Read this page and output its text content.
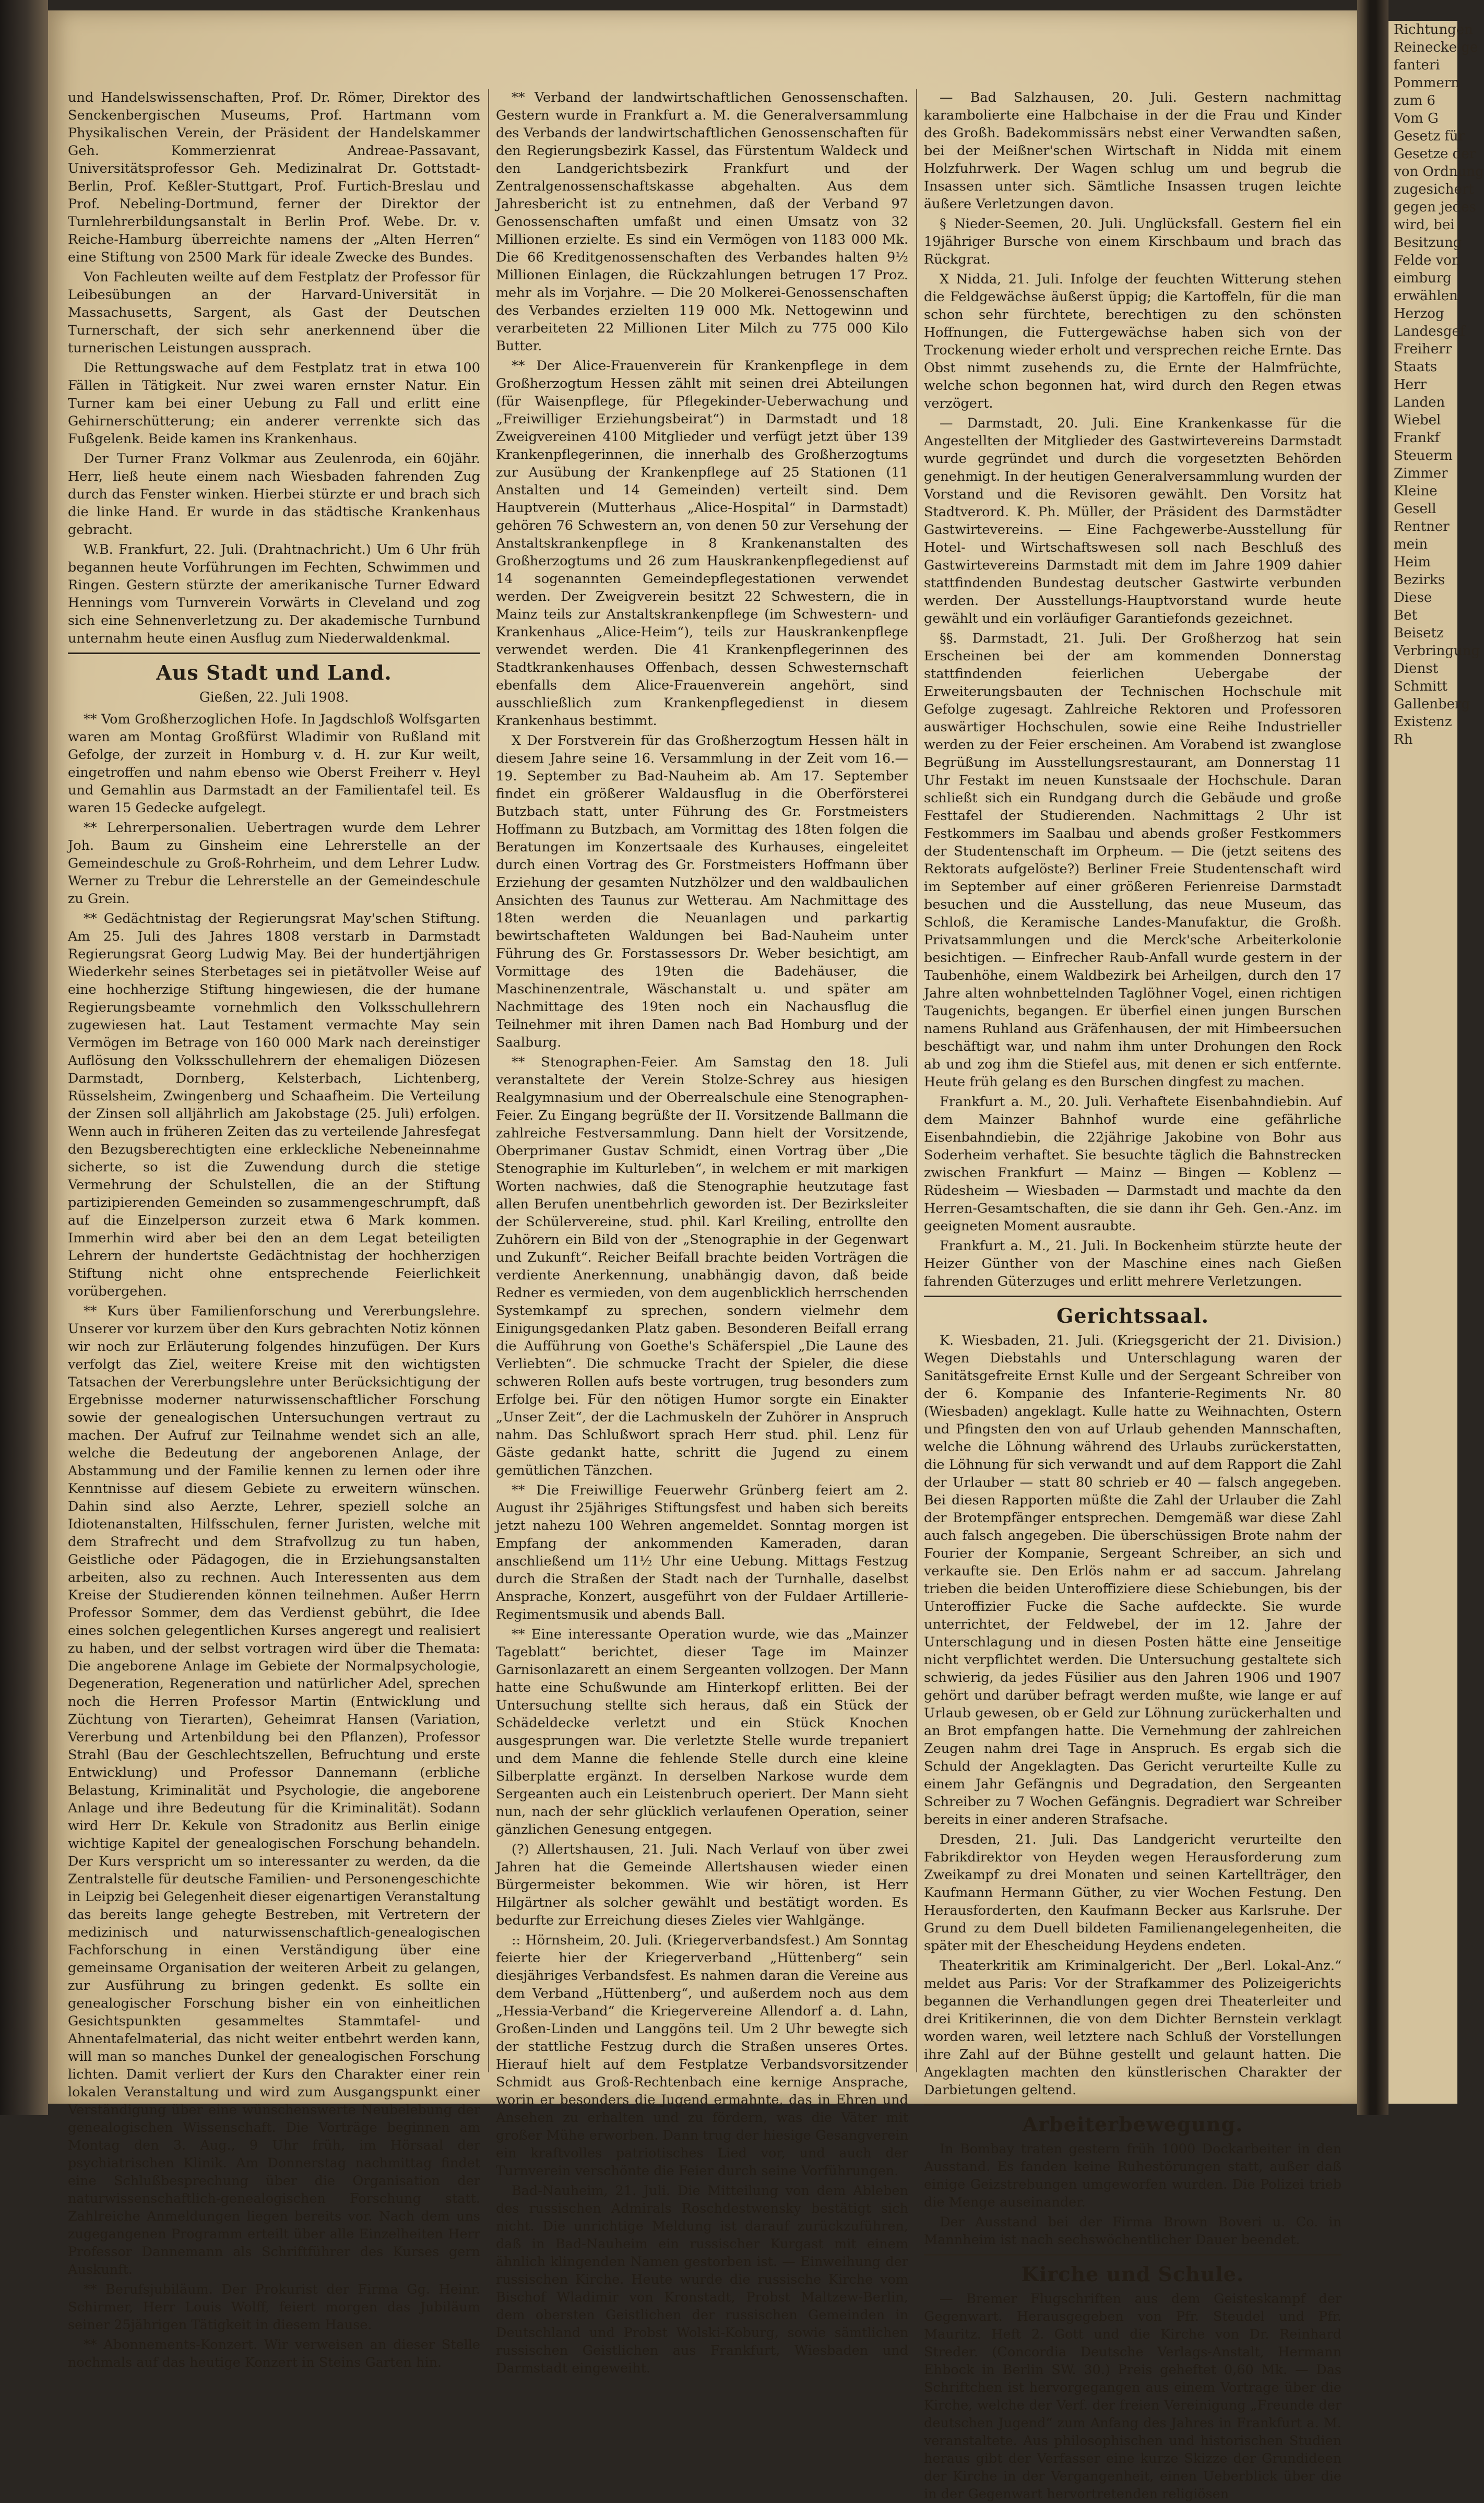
und Handelswissenschaften, Prof. Dr. Römer, Direktor des Senckenbergischen Museums, Prof. Hartmann vom Physikalischen Verein, der Präsident der Handelskammer Geh. Kommerzienrat Andreae-Passavant, Universitätsprofessor Geh. Medizinalrat Dr. Gottstadt-Berlin, Prof. Keßler-Stuttgart, Prof. Furtich-Breslau und Prof. Nebeling-Dortmund, ferner der Direktor der Turnlehrerbildungsanstalt in Berlin Prof. Webe. Dr. v. Reiche-Hamburg überreichte namens der „Alten Herren“ eine Stiftung von 2500 Mark für ideale Zwecke des Bundes.

Von Fachleuten weilte auf dem Festplatz der Professor für Leibesübungen an der Harvard-Universität in Massachusetts, Sargent, als Gast der Deutschen Turnerschaft, der sich sehr anerkennend über die turnerischen Leistungen aussprach.

Die Rettungswache auf dem Festplatz trat in etwa 100 Fällen in Tätigkeit. Nur zwei waren ernster Natur. Ein Turner kam bei einer Uebung zu Fall und erlitt eine Gehirnerschütterung; ein anderer verrenkte sich das Fußgelenk. Beide kamen ins Krankenhaus.

Der Turner Franz Volkmar aus Zeulenroda, ein 60jähr. Herr, ließ heute einem nach Wiesbaden fahrenden Zug durch das Fenster winken. Hierbei stürzte er und brach sich die linke Hand. Er wurde in das städtische Krankenhaus gebracht.

W.B. Frankfurt, 22. Juli. (Drahtnachricht.) Um 6 Uhr früh begannen heute Vorführungen im Fechten, Schwimmen und Ringen. Gestern stürzte der amerikanische Turner Edward Hennings vom Turnverein Vorwärts in Cleveland und zog sich eine Sehnenverletzung zu. Der akademische Turnbund unternahm heute einen Ausflug zum Niederwaldenkmal.

Aus Stadt und Land.
Gießen, 22. Juli 1908.

** Vom Großherzoglichen Hofe. In Jagdschloß Wolfsgarten waren am Montag Großfürst Wladimir von Rußland mit Gefolge, der zurzeit in Homburg v. d. H. zur Kur weilt, eingetroffen und nahm ebenso wie Oberst Freiherr v. Heyl und Gemahlin aus Darmstadt an der Familientafel teil. Es waren 15 Gedecke aufgelegt.

** Lehrerpersonalien. Uebertragen wurde dem Lehrer Joh. Baum zu Ginsheim eine Lehrerstelle an der Gemeindeschule zu Groß-Rohrheim, und dem Lehrer Ludw. Werner zu Trebur die Lehrerstelle an der Gemeindeschule zu Grein.

** Gedächtnistag der Regierungsrat May'schen Stiftung. Am 25. Juli des Jahres 1808 verstarb in Darmstadt Regierungsrat Georg Ludwig May. Bei der hundertjährigen Wiederkehr seines Sterbetages sei in pietätvoller Weise auf eine hochherzige Stiftung hingewiesen, die der humane Regierungsbeamte vornehmlich den Volksschullehrern zugewiesen hat. Laut Testament vermachte May sein Vermögen im Betrage von 160 000 Mark nach dereinstiger Auflösung den Volksschullehrern der ehemaligen Diözesen Darmstadt, Dornberg, Kelsterbach, Lichtenberg, Rüsselsheim, Zwingenberg und Schaafheim. Die Verteilung der Zinsen soll alljährlich am Jakobstage (25. Juli) erfolgen. Wenn auch in früheren Zeiten das zu verteilende Jahresfegat den Bezugsberechtigten eine erkleckliche Nebeneinnahme sicherte, so ist die Zuwendung durch die stetige Vermehrung der Schulstellen, die an der Stiftung partizipierenden Gemeinden so zusammengeschrumpft, daß auf die Einzelperson zurzeit etwa 6 Mark kommen. Immerhin wird aber bei den an dem Legat beteiligten Lehrern der hundertste Gedächtnistag der hochherzigen Stiftung nicht ohne entsprechende Feierlichkeit vorübergehen.

** Kurs über Familienforschung und Vererbungslehre. Unserer vor kurzem über den Kurs gebrachten Notiz können wir noch zur Erläuterung folgendes hinzufügen. Der Kurs verfolgt das Ziel, weitere Kreise mit den wichtigsten Tatsachen der Vererbungslehre unter Berücksichtigung der Ergebnisse moderner naturwissenschaftlicher Forschung sowie der genealogischen Untersuchungen vertraut zu machen. Der Aufruf zur Teilnahme wendet sich an alle, welche die Bedeutung der angeborenen Anlage, der Abstammung und der Familie kennen zu lernen oder ihre Kenntnisse auf diesem Gebiete zu erweitern wünschen. Dahin sind also Aerzte, Lehrer, speziell solche an Idiotenanstalten, Hilfsschulen, ferner Juristen, welche mit dem Strafrecht und dem Strafvollzug zu tun haben, Geistliche oder Pädagogen, die in Erziehungsanstalten arbeiten, also zu rechnen. Auch Interessenten aus dem Kreise der Studierenden können teilnehmen. Außer Herrn Professor Sommer, dem das Verdienst gebührt, die Idee eines solchen gelegentlichen Kurses angeregt und realisiert zu haben, und der selbst vortragen wird über die Themata: Die angeborene Anlage im Gebiete der Normalpsychologie, Degeneration, Regeneration und natürlicher Adel, sprechen noch die Herren Professor Martin (Entwicklung und Züchtung von Tierarten), Geheimrat Hansen (Variation, Vererbung und Artenbildung bei den Pflanzen), Professor Strahl (Bau der Geschlechtszellen, Befruchtung und erste Entwicklung) und Professor Dannemann (erbliche Belastung, Kriminalität und Psychologie, die angeborene Anlage und ihre Bedeutung für die Kriminalität). Sodann wird Herr Dr. Kekule von Stradonitz aus Berlin einige wichtige Kapitel der genealogischen Forschung behandeln. Der Kurs verspricht um so interessanter zu werden, da die Zentralstelle für deutsche Familien- und Personengeschichte in Leipzig bei Gelegenheit dieser eigenartigen Veranstaltung das bereits lange gehegte Bestreben, mit Vertretern der medizinisch und naturwissenschaftlich-genealogischen Fachforschung in einen Verständigung über eine gemeinsame Organisation der weiteren Arbeit zu gelangen, zur Ausführung zu bringen gedenkt. Es sollte ein genealogischer Forschung bisher ein von einheitlichen Gesichtspunkten gesammeltes Stammtafel- und Ahnentafelmaterial, das nicht weiter entbehrt werden kann, will man so manches Dunkel der genealogischen Forschung lichten. Damit verliert der Kurs den Charakter einer rein lokalen Veranstaltung und wird zum Ausgangspunkt einer Verständigung über eine wünschenswerte Neubelebung der genealogischen Wissenschaft. Die Vorträge beginnen am Montag den 3. Aug., 9 Uhr früh, im Hörsaal der psychiatrischen Klinik. Am Donnerstag nachmittag findet eine Schlußbesprechung über die Organisation der naturwissenschaftlich-genealogischen Forschung statt. Zahlreiche Anmeldungen liegen bereits vor. Nach dem uns zugegangenen Programm erteilt über alle Einzelheiten Herr Professor Dannemann als Schriftführer des Kurses gern Auskunft.

** Berufsjubiläum. Der Prokurist der Firma Gg. Heinr. Schirmer, Herr Louis Wolff, feiert morgen das Jubiläum seiner 25jährigen Tätigkeit in diesem Hause.

** Abonnements-Konzert. Wir verweisen an dieser Stelle nochmals auf das heutige Konzert in Steins Garten hin.

** Verband der landwirtschaftlichen Genossenschaften. Gestern wurde in Frankfurt a. M. die Generalversammlung des Verbands der landwirtschaftlichen Genossenschaften für den Regierungsbezirk Kassel, das Fürstentum Waldeck und den Landgerichtsbezirk Frankfurt und der Zentralgenossenschaftskasse abgehalten. Aus dem Jahresbericht ist zu entnehmen, daß der Verband 97 Genossenschaften umfaßt und einen Umsatz von 32 Millionen erzielte. Es sind ein Vermögen von 1183 000 Mk. Die 66 Kreditgenossenschaften des Verbandes halten 9½ Millionen Einlagen, die Rückzahlungen betrugen 17 Proz. mehr als im Vorjahre. — Die 20 Molkerei-Genossenschaften des Verbandes erzielten 119 000 Mk. Nettogewinn und verarbeiteten 22 Millionen Liter Milch zu 775 000 Kilo Butter.

** Der Alice-Frauenverein für Krankenpflege in dem Großherzogtum Hessen zählt mit seinen drei Abteilungen (für Waisenpflege, für Pflegekinder-Ueberwachung und „Freiwilliger Erziehungsbeirat“) in Darmstadt und 18 Zweigvereinen 4100 Mitglieder und verfügt jetzt über 139 Krankenpflegerinnen, die innerhalb des Großherzogtums zur Ausübung der Krankenpflege auf 25 Stationen (11 Anstalten und 14 Gemeinden) verteilt sind. Dem Hauptverein (Mutterhaus „Alice-Hospital“ in Darmstadt) gehören 76 Schwestern an, von denen 50 zur Versehung der Anstaltskrankenpflege in 8 Krankenanstalten des Großherzogtums und 26 zum Hauskrankenpflegedienst auf 14 sogenannten Gemeindepflegestationen verwendet werden. Der Zweigverein besitzt 22 Schwestern, die in Mainz teils zur Anstaltskrankenpflege (im Schwestern- und Krankenhaus „Alice-Heim“), teils zur Hauskrankenpflege verwendet werden. Die 41 Krankenpflegerinnen des Stadtkrankenhauses Offenbach, dessen Schwesternschaft ebenfalls dem Alice-Frauenverein angehört, sind ausschließlich zum Krankenpflegedienst in diesem Krankenhaus bestimmt.

X Der Forstverein für das Großherzogtum Hessen hält in diesem Jahre seine 16. Versammlung in der Zeit vom 16.—19. September zu Bad-Nauheim ab. Am 17. September findet ein größerer Waldausflug in die Oberförsterei Butzbach statt, unter Führung des Gr. Forstmeisters Hoffmann zu Butzbach, am Vormittag des 18ten folgen die Beratungen im Konzertsaale des Kurhauses, eingeleitet durch einen Vortrag des Gr. Forstmeisters Hoffmann über Erziehung der gesamten Nutzhölzer und den waldbaulichen Ansichten des Taunus zur Wetterau. Am Nachmittage des 18ten werden die Neuanlagen und parkartig bewirtschafteten Waldungen bei Bad-Nauheim unter Führung des Gr. Forstassessors Dr. Weber besichtigt, am Vormittage des 19ten die Badehäuser, die Maschinenzentrale, Wäschanstalt u. und später am Nachmittage des 19ten noch ein Nachausflug die Teilnehmer mit ihren Damen nach Bad Homburg und der Saalburg.

** Stenographen-Feier. Am Samstag den 18. Juli veranstaltete der Verein Stolze-Schrey aus hiesigen Realgymnasium und der Oberrealschule eine Stenographen-Feier. Zu Eingang begrüßte der II. Vorsitzende Ballmann die zahlreiche Festversammlung. Dann hielt der Vorsitzende, Oberprimaner Gustav Schmidt, einen Vortrag über „Die Stenographie im Kulturleben“, in welchem er mit markigen Worten nachwies, daß die Stenographie heutzutage fast allen Berufen unentbehrlich geworden ist. Der Bezirksleiter der Schülervereine, stud. phil. Karl Kreiling, entrollte den Zuhörern ein Bild von der „Stenographie in der Gegenwart und Zukunft“. Reicher Beifall brachte beiden Vorträgen die verdiente Anerkennung, unabhängig davon, daß beide Redner es vermieden, von dem augenblicklich herrschenden Systemkampf zu sprechen, sondern vielmehr dem Einigungsgedanken Platz gaben. Besonderen Beifall errang die Aufführung von Goethe's Schäferspiel „Die Laune des Verliebten“. Die schmucke Tracht der Spieler, die diese schweren Rollen aufs beste vortrugen, trug besonders zum Erfolge bei. Für den nötigen Humor sorgte ein Einakter „Unser Zeit“, der die Lachmuskeln der Zuhörer in Anspruch nahm. Das Schlußwort sprach Herr stud. phil. Lenz für Gäste gedankt hatte, schritt die Jugend zu einem gemütlichen Tänzchen.

** Die Freiwillige Feuerwehr Grünberg feiert am 2. August ihr 25jähriges Stiftungsfest und haben sich bereits jetzt nahezu 100 Wehren angemeldet. Sonntag morgen ist Empfang der ankommenden Kameraden, daran anschließend um 11½ Uhr eine Uebung. Mittags Festzug durch die Straßen der Stadt nach der Turnhalle, daselbst Ansprache, Konzert, ausgeführt von der Fuldaer Artillerie-Regimentsmusik und abends Ball.

** Eine interessante Operation wurde, wie das „Mainzer Tageblatt“ berichtet, dieser Tage im Mainzer Garnisonlazarett an einem Sergeanten vollzogen. Der Mann hatte eine Schußwunde am Hinterkopf erlitten. Bei der Untersuchung stellte sich heraus, daß ein Stück der Schädeldecke verletzt und ein Stück Knochen ausgesprungen war. Die verletzte Stelle wurde trepaniert und dem Manne die fehlende Stelle durch eine kleine Silberplatte ergänzt. In derselben Narkose wurde dem Sergeanten auch ein Leistenbruch operiert. Der Mann sieht nun, nach der sehr glücklich verlaufenen Operation, seiner gänzlichen Genesung entgegen.

(?) Allertshausen, 21. Juli. Nach Verlauf von über zwei Jahren hat die Gemeinde Allertshausen wieder einen Bürgermeister bekommen. Wie wir hören, ist Herr Hilgärtner als solcher gewählt und bestätigt worden. Es bedurfte zur Erreichung dieses Zieles vier Wahlgänge.

:: Hörnsheim, 20. Juli. (Kriegerverbandsfest.) Am Sonntag feierte hier der Kriegerverband „Hüttenberg“ sein diesjähriges Verbandsfest. Es nahmen daran die Vereine aus dem Verband „Hüttenberg“, und außerdem noch aus dem „Hessia-Verband“ die Kriegervereine Allendorf a. d. Lahn, Großen-Linden und Langgöns teil. Um 2 Uhr bewegte sich der stattliche Festzug durch die Straßen unseres Ortes. Hierauf hielt auf dem Festplatze Verbandsvorsitzender Schmidt aus Groß-Rechtenbach eine kernige Ansprache, worin er besonders die Jugend ermahnte, das in Ehren und Ansehen zu erhalten und zu fördern, was die Väter mit großer Mühe erworben. Dann trug der hiesige Gesangverein ein kraftvolles patriotisches Lied vor, und auch der Turnverein verschönte die Feier durch seine Vorführungen.

Bad-Nauheim, 21. Juli. Die Mitteilung von dem Ableben des russischen Admirals Roschdestwensky bestätigt sich nicht. Die unrichtige Meldung ist darauf zurückzuführen, daß in Bad-Nauheim ein russischer Kurgast mit einem ähnlich klingenden Namen gestorben ist. — Einweihung der russischen Kirche. Heute wurde die russische Kirche vom Bischof Wladimir von Kronstadt, Probst Maltzew-Berlin, dem obersten Geistlichen der russischen Gemeinden in Deutschland und Probst Wolski-Koburg, sowie sämtlichen russischen Geistlichen aus Frankfurt, Wiesbaden und Darmstadt eingeweiht.

— Bad Salzhausen, 20. Juli. Gestern nachmittag karambolierte eine Halbchaise in der die Frau und Kinder des Großh. Badekommissärs nebst einer Verwandten saßen, bei der Meißner'schen Wirtschaft in Nidda mit einem Holzfuhrwerk. Der Wagen schlug um und begrub die Insassen unter sich. Sämtliche Insassen trugen leichte äußere Verletzungen davon.

§ Nieder-Seemen, 20. Juli. Unglücksfall. Gestern fiel ein 19jähriger Bursche von einem Kirschbaum und brach das Rückgrat.

X Nidda, 21. Juli. Infolge der feuchten Witterung stehen die Feldgewächse äußerst üppig; die Kartoffeln, für die man schon sehr fürchtete, berechtigen zu den schönsten Hoffnungen, die Futtergewächse haben sich von der Trockenung wieder erholt und versprechen reiche Ernte. Das Obst nimmt zusehends zu, die Ernte der Halmfrüchte, welche schon begonnen hat, wird durch den Regen etwas verzögert.

— Darmstadt, 20. Juli. Eine Krankenkasse für die Angestellten der Mitglieder des Gastwirtevereins Darmstadt wurde gegründet und durch die vorgesetzten Behörden genehmigt. In der heutigen Generalversammlung wurden der Vorstand und die Revisoren gewählt. Den Vorsitz hat Stadtverord. K. Ph. Müller, der Präsident des Darmstädter Gastwirtevereins. — Eine Fachgewerbe-Ausstellung für Hotel- und Wirtschaftswesen soll nach Beschluß des Gastwirtevereins Darmstadt mit dem im Jahre 1909 dahier stattfindenden Bundestag deutscher Gastwirte verbunden werden. Der Ausstellungs-Hauptvorstand wurde heute gewählt und ein vorläufiger Garantiefonds gezeichnet.

§§. Darmstadt, 21. Juli. Der Großherzog hat sein Erscheinen bei der am kommenden Donnerstag stattfindenden feierlichen Uebergabe der Erweiterungsbauten der Technischen Hochschule mit Gefolge zugesagt. Zahlreiche Rektoren und Professoren auswärtiger Hochschulen, sowie eine Reihe Industrieller werden zu der Feier erscheinen. Am Vorabend ist zwanglose Begrüßung im Ausstellungsrestaurant, am Donnerstag 11 Uhr Festakt im neuen Kunstsaale der Hochschule. Daran schließt sich ein Rundgang durch die Gebäude und große Festtafel der Studierenden. Nachmittags 2 Uhr ist Festkommers im Saalbau und abends großer Festkommers der Studentenschaft im Orpheum. — Die (jetzt seitens des Rektorats aufgelöste?) Berliner Freie Studentenschaft wird im September auf einer größeren Ferienreise Darmstadt besuchen und die Ausstellung, das neue Museum, das Schloß, die Keramische Landes-Manufaktur, die Großh. Privatsammlungen und die Merck'sche Arbeiterkolonie besichtigen. — Einfrecher Raub-Anfall wurde gestern in der Taubenhöhe, einem Waldbezirk bei Arheilgen, durch den 17 Jahre alten wohnbettelnden Taglöhner Vogel, einen richtigen Taugenichts, begangen. Er überfiel einen jungen Burschen namens Ruhland aus Gräfenhausen, der mit Himbeersuchen beschäftigt war, und nahm ihm unter Drohungen den Rock ab und zog ihm die Stiefel aus, mit denen er sich entfernte. Heute früh gelang es den Burschen dingfest zu machen.

Frankfurt a. M., 20. Juli. Verhaftete Eisenbahndiebin. Auf dem Mainzer Bahnhof wurde eine gefährliche Eisenbahndiebin, die 22jährige Jakobine von Bohr aus Soderheim verhaftet. Sie besuchte täglich die Bahnstrecken zwischen Frankfurt — Mainz — Bingen — Koblenz — Rüdesheim — Wiesbaden — Darmstadt und machte da den Herren-Gesamtschaften, die sie dann ihr Geh. Gen.-Anz. im geeigneten Moment ausraubte.

Frankfurt a. M., 21. Juli. In Bockenheim stürzte heute der Heizer Günther von der Maschine eines nach Gießen fahrenden Güterzuges und erlitt mehrere Verletzungen.

Gerichtssaal.

K. Wiesbaden, 21. Juli. (Kriegsgericht der 21. Division.) Wegen Diebstahls und Unterschlagung waren der Sanitätsgefreite Ernst Kulle und der Sergeant Schreiber von der 6. Kompanie des Infanterie-Regiments Nr. 80 (Wiesbaden) angeklagt. Kulle hatte zu Weihnachten, Ostern und Pfingsten den von auf Urlaub gehenden Mannschaften, welche die Löhnung während des Urlaubs zurückerstatten, die Löhnung für sich verwandt und auf dem Rapport die Zahl der Urlauber — statt 80 schrieb er 40 — falsch angegeben. Bei diesen Rapporten müßte die Zahl der Urlauber die Zahl der Brotempfänger entsprechen. Demgemäß war diese Zahl auch falsch angegeben. Die überschüssigen Brote nahm der Fourier der Kompanie, Sergeant Schreiber, an sich und verkaufte sie. Den Erlös nahm er ad saccum. Jahrelang trieben die beiden Unteroffiziere diese Schiebungen, bis der Unteroffizier Fucke die Sache aufdeckte. Sie wurde unterrichtet, der Feldwebel, der im 12. Jahre der Unterschlagung und in diesen Posten hätte eine Jenseitige nicht verpflichtet werden. Die Untersuchung gestaltete sich schwierig, da jedes Füsilier aus den Jahren 1906 und 1907 gehört und darüber befragt werden mußte, wie lange er auf Urlaub gewesen, ob er Geld zur Löhnung zurückerhalten und an Brot empfangen hatte. Die Vernehmung der zahlreichen Zeugen nahm drei Tage in Anspruch. Es ergab sich die Schuld der Angeklagten. Das Gericht verurteilte Kulle zu einem Jahr Gefängnis und Degradation, den Sergeanten Schreiber zu 7 Wochen Gefängnis. Degradiert war Schreiber bereits in einer anderen Strafsache.

Dresden, 21. Juli. Das Landgericht verurteilte den Fabrikdirektor von Heyden wegen Herausforderung zum Zweikampf zu drei Monaten und seinen Kartellträger, den Kaufmann Hermann Güther, zu vier Wochen Festung. Den Herausforderten, den Kaufmann Becker aus Karlsruhe. Der Grund zu dem Duell bildeten Familienangelegenheiten, die später mit der Ehescheidung Heydens endeten.

Theaterkritik am Kriminalgericht. Der „Berl. Lokal-Anz.“ meldet aus Paris: Vor der Strafkammer des Polizeigerichts begannen die Verhandlungen gegen drei Theaterleiter und drei Kritikerinnen, die von dem Dichter Bernstein verklagt worden waren, weil letztere nach Schluß der Vorstellungen ihre Zahl auf der Bühne gestellt und gelaunt hatten. Die Angeklagten machten den künstlerischen Charakter der Darbietungen geltend.

Arbeiterbewegung.

In Bombay traten gestern früh 1000 Dockarbeiter in den Ausstand. Es fanden keine Ruhestörungen statt, außer daß einige Geizstrebungen umgeworfen wurden. Die Polizei trieb die Menge auseinander.

Der Ausstand bei der Firma Brown Boveri u. Co. in Mannheim ist nach sechswöchentlicher Dauer beendet.

Kirche und Schule.

— Bremer Flugschriften aus dem Geisteskampf der Gegenwart. Herausgegeben von Pfr. Steudel und Pfr. Mauritz. Heft 2. Gott und die Kirche von Dr. Reinhard Streder. (Concordia Deutsche Verlags-Anstalt, Hermann Ehbock in Berlin SW. 30.) Preis geheftet 0,60 Mk. — Das Schriftchen ist hervorgegangen aus einem Vortrage über die Kirche, welche der Verf. der freien Vereinigung „Freunde der deutschen Jugend“ zum Anfang des Jahres in Frankfurt a. M. veranstaltete. Aus philosophischen und historischen Studien heraus gibt der Verfasser eine kurze Skizze der Grundideen der Kirche in der Vergangenheit, einen Ueberblick über die in der Gegenwart hervortretenden religiösen

Richtungen
Reinecke ge
fanteri
Pommern
zum 6
Vom G
Gesetz für
Gesetze der
von Ordnung
zugesichert
gegen jedes
wird, bei
Besitzung
Felde von
eimburg
erwählen
Herzog
Landesgef
Freiherr
Staats
Herr
Landen
Wiebel
Frankf
Steuerm
Zimmer
Kleine
Gesell
Rentner
mein
Heim
Bezirks
Diese
Bet
Beisetz
Verbringung
Dienst
Schmitt
Gallenberg
Existenz
Rh
